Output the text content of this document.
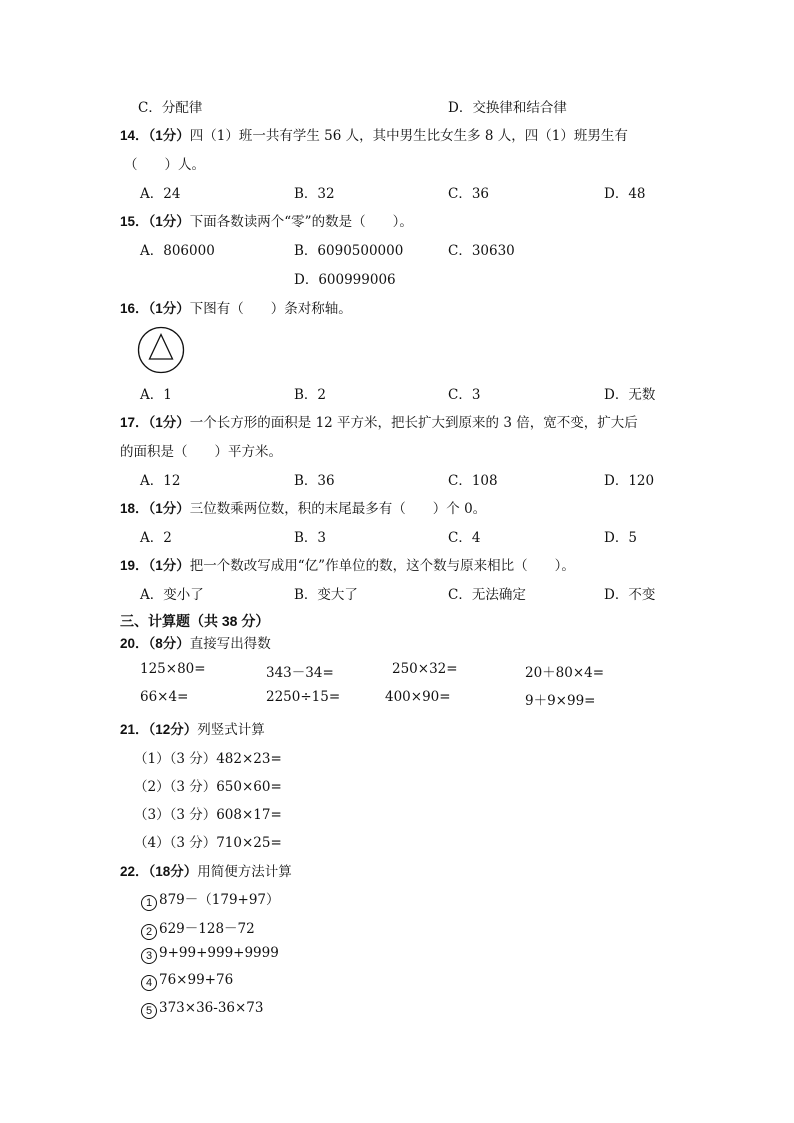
C．分配律	D．交换律和结合律
14．（1分）四（1）班一共有学生 56 人，其中男生比女生多 8 人，四（1）班男生有
（　　）人。
A．24	B．32	C．36	D．48
15．（1分）下面各数读两个“零”的数是（　　）。
A．806000	B．6090500000	C．30630
D．600999006
16．（1分）下图有（　　）条对称轴。
A．1	B．2	C．3	D．无数
17．（1分）一个长方形的面积是 12 平方米，把长扩大到原来的 3 倍，宽不变，扩大后
的面积是（　　）平方米。
A．12	B．36	C．108	D．120
18．（1分）三位数乘两位数，积的末尾最多有（　　）个 0。
A．2	B．3	C．4	D．5
19．（1分）把一个数改写成用“亿”作单位的数，这个数与原来相比（　　）。
A．变小了	B．变大了	C．无法确定	D．不变
三、计算题（共 38 分）
20．（8分）直接写出得数
125×80=	343－34=	250×32=	20＋80×4=
66×4=	2250÷15=	400×90=	9＋9×99=
21．（12分）列竖式计算
（1）（3 分）482×23=
（2）（3 分）650×60=
（3）（3 分）608×17=
（4）（3 分）710×25=
22．（18分）用简便方法计算
1 879－（179+97）
2 629－128－72
3 9+99+999+9999
4 76×99+76
5 373×36-36×73
